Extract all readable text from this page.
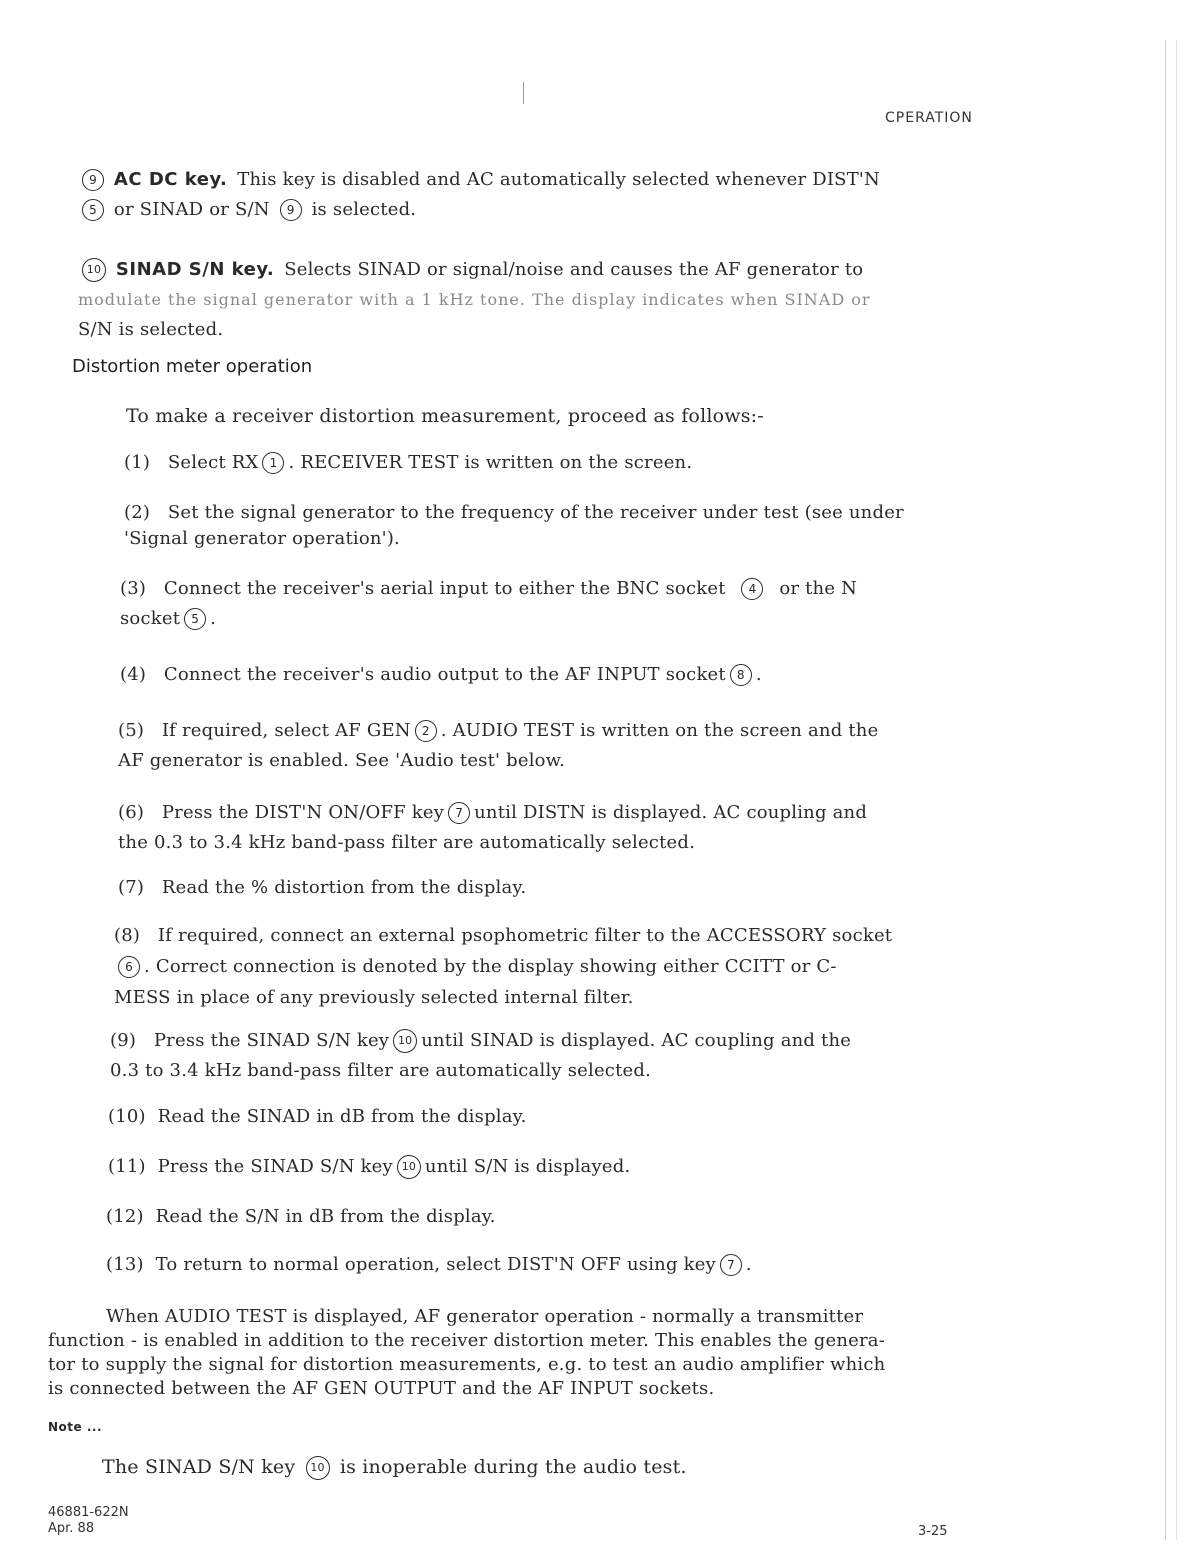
CPERATION
9 AC DC key. This key is disabled and AC automatically selected whenever DIST'N
5 or SINAD or S/N 9 is selected.
10 SINAD S/N key. Selects SINAD or signal/noise and causes the AF generator to
modulate the signal generator with a 1 kHz tone. The display indicates when SINAD or
S/N is selected.
Distortion meter operation
To make a receiver distortion measurement, proceed as follows:-
(1) Select RX 1 . RECEIVER TEST is written on the screen.
(2) Set the signal generator to the frequency of the receiver under test (see under
'Signal generator operation').
(3) Connect the receiver's aerial input to either the BNC socket 4 or the N
socket 5 .
(4) Connect the receiver's audio output to the AF INPUT socket 8 .
(5) If required, select AF GEN 2 . AUDIO TEST is written on the screen and the
AF generator is enabled. See 'Audio test' below.
(6) Press the DIST'N ON/OFF key 7 until DISTN is displayed. AC coupling and
the 0.3 to 3.4 kHz band-pass filter are automatically selected.
(7) Read the % distortion from the display.
(8) If required, connect an external psophometric filter to the ACCESSORY socket
6 . Correct connection is denoted by the display showing either CCITT or C-
MESS in place of any previously selected internal filter.
(9) Press the SINAD S/N key 10 until SINAD is displayed. AC coupling and the
0.3 to 3.4 kHz band-pass filter are automatically selected.
(10) Read the SINAD in dB from the display.
(11) Press the SINAD S/N key 10 until S/N is displayed.
(12) Read the S/N in dB from the display.
(13) To return to normal operation, select DIST'N OFF using key 7 .
When AUDIO TEST is displayed, AF generator operation - normally a transmitter
function - is enabled in addition to the receiver distortion meter. This enables the genera-
tor to supply the signal for distortion measurements, e.g. to test an audio amplifier which
is connected between the AF GEN OUTPUT and the AF INPUT sockets.
Note ...
The SINAD S/N key 10 is inoperable during the audio test.
46881-622N
Apr. 88	3-25
